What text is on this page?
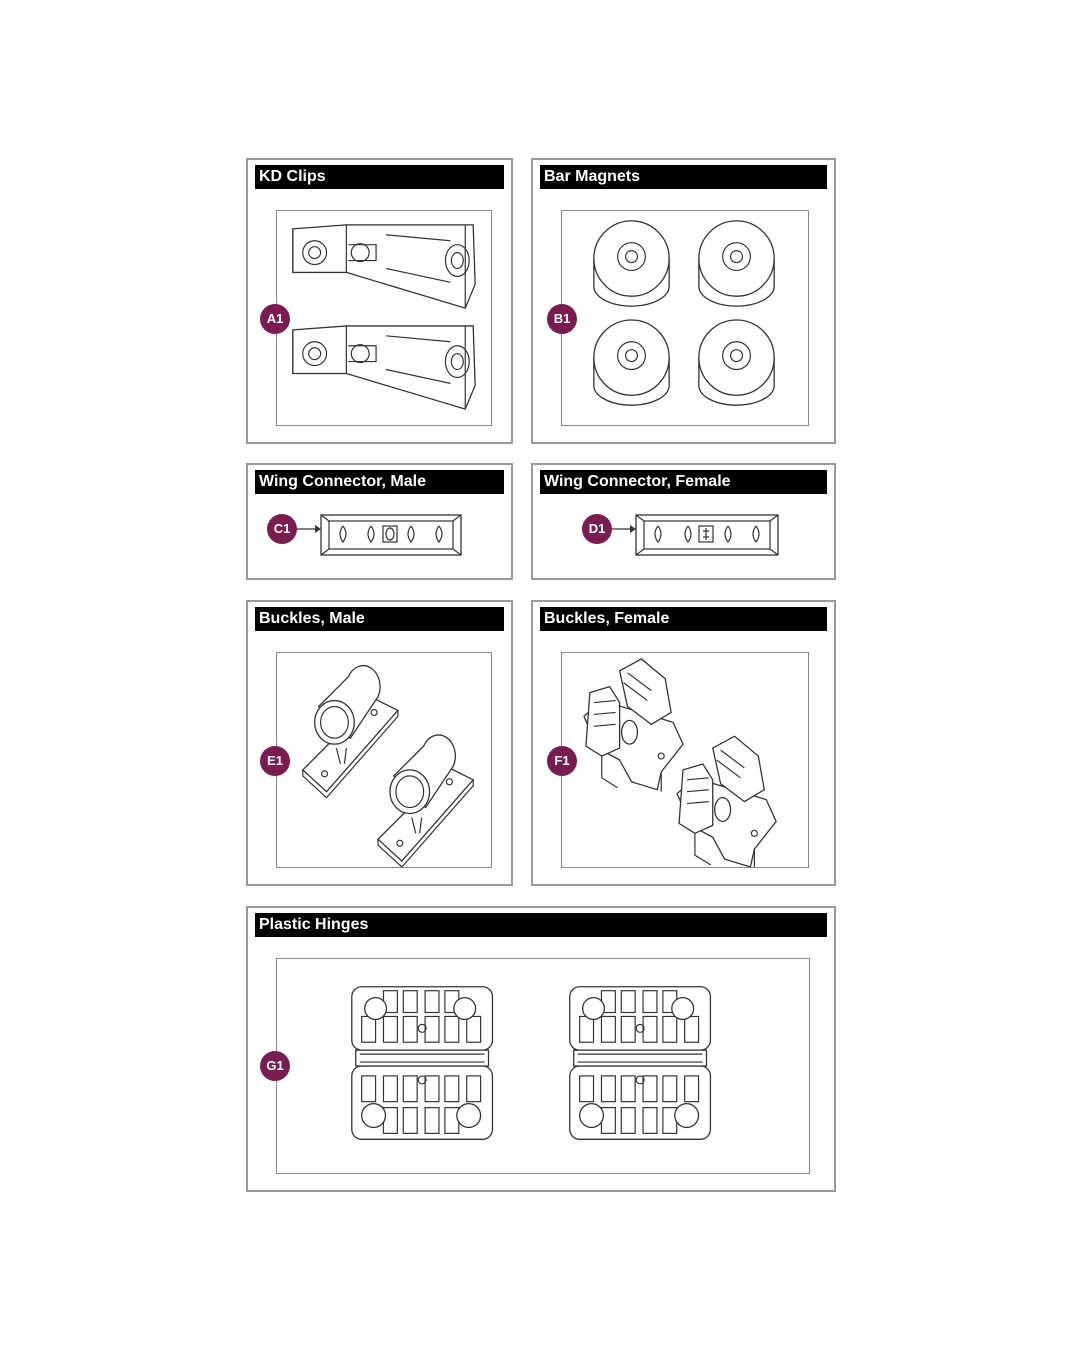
KD Clips
A1
Bar Magnets
B1
Wing Connector, Male
C1
Wing Connector, Female
D1
Buckles, Male
E1
Buckles, Female
F1
Plastic Hinges
G1
